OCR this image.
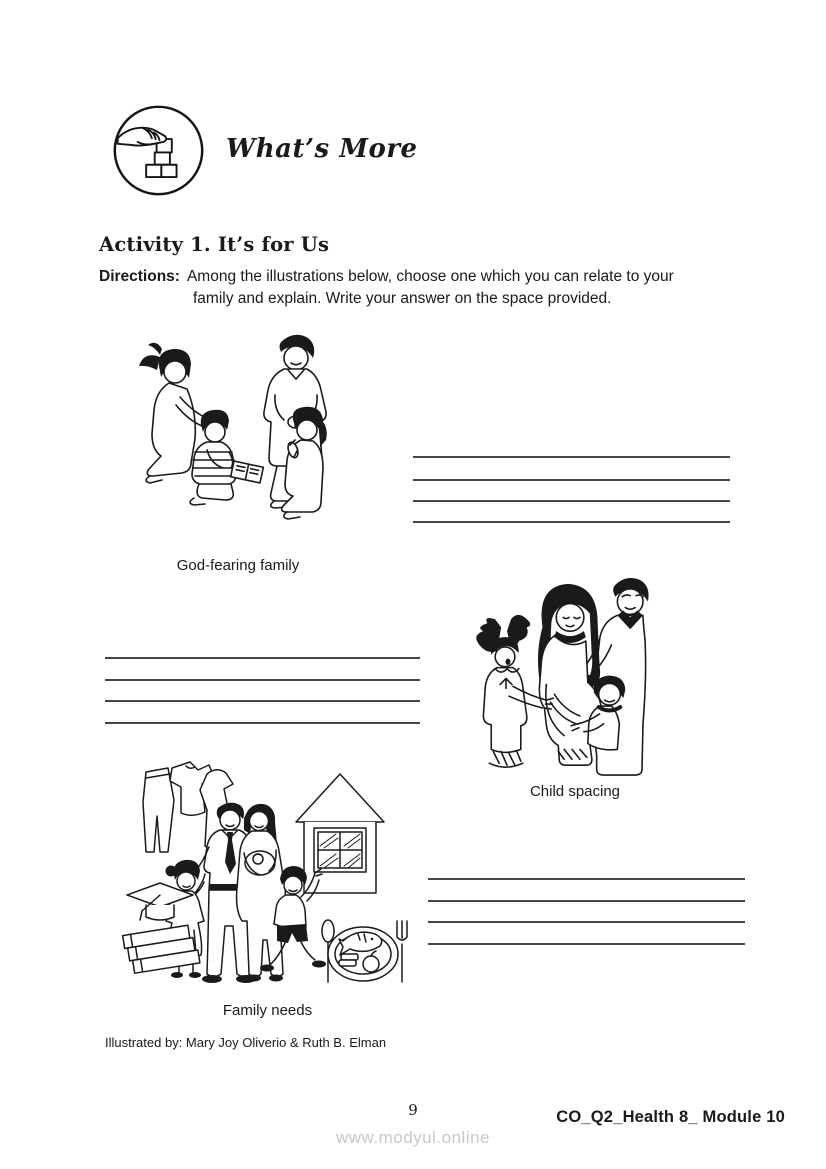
What’s More
Activity 1. It’s for Us

Directions: Among the illustrations below, choose one which you can relate to your
family and explain. Write your answer on the space provided.

God-fearing family
Child spacing
Family needs
Illustrated by: Mary Joy Oliverio & Ruth B. Elman
9
www.modyul.online
CO_Q2_Health 8_ Module 10
